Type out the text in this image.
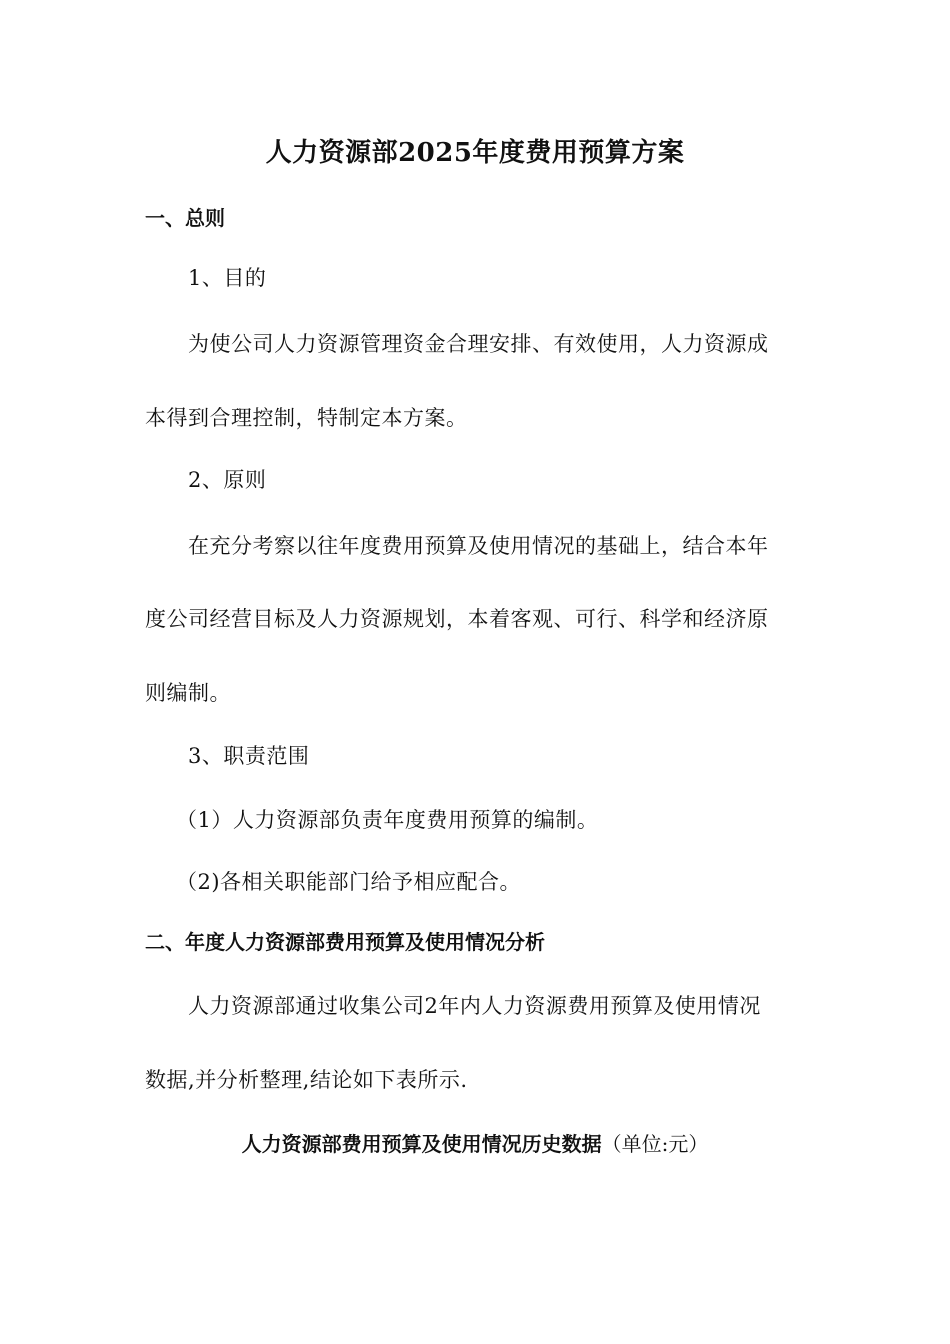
人力资源部2025年度费用预算方案
一、总则
1、目的
为使公司人力资源管理资金合理安排、有效使用，人力资源成
本得到合理控制，特制定本方案。
2、原则
在充分考察以往年度费用预算及使用情况的基础上，结合本年
度公司经营目标及人力资源规划，本着客观、可行、科学和经济原
则编制。
3、职责范围
（1）人力资源部负责年度费用预算的编制。
（2)各相关职能部门给予相应配合。
二、年度人力资源部费用预算及使用情况分析
人力资源部通过收集公司2年内人力资源费用预算及使用情况
数据,并分析整理,结论如下表所示.
人力资源部费用预算及使用情况历史数据（单位:元）
